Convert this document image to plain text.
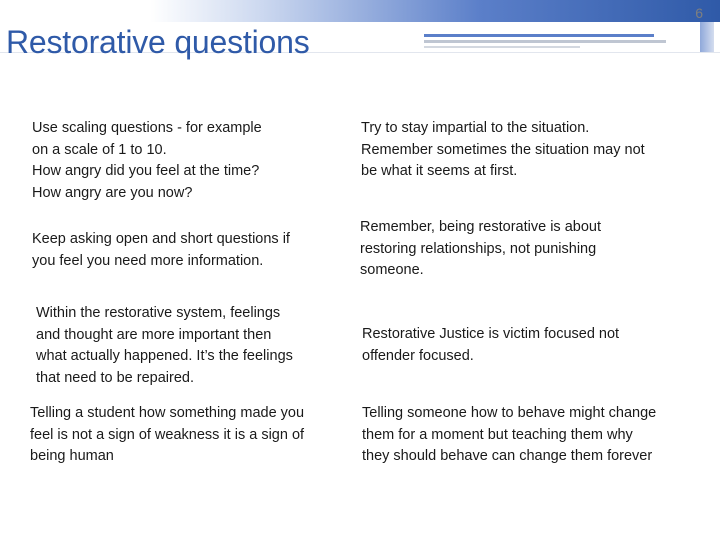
6
Restorative questions
Use scaling questions - for example
on a scale of 1 to 10.
How angry did you feel at the time?
How angry are you now?
Try to stay impartial to the situation.
Remember sometimes the situation may not
be what it seems at first.
Keep asking open and short questions if
you feel you need more information.
Remember, being restorative is about
restoring relationships, not punishing
someone.
Within the restorative system, feelings
and thought are more important then
what actually happened. It’s the feelings
that need to be repaired.
Restorative Justice is victim focused not
offender focused.
Telling a student how something made you
feel is not a sign of weakness it is a sign of
being human
Telling someone how to behave might change
them for a moment but teaching them why
they should behave can change them forever
